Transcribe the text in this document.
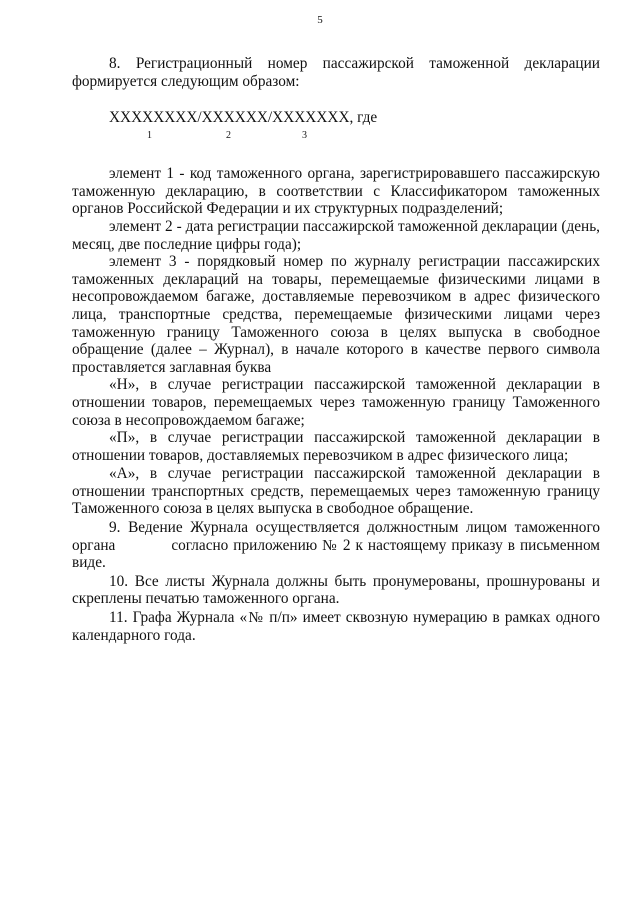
5

8. Регистрационный номер пассажирской таможенной декларации формируется следующим образом:

XXXXXXXX/XXXXXX/XXXXXXX, где

1	2	3

элемент 1 - код таможенного органа, зарегистрировавшего пассажирскую таможенную декларацию, в соответствии с Классификатором таможенных органов Российской Федерации и их структурных подразделений;

элемент 2 - дата регистрации пассажирской таможенной декларации (день, месяц, две последние цифры года);

элемент 3 - порядковый номер по журналу регистрации пассажирских таможенных деклараций на товары, перемещаемые физическими лицами в несопровождаемом багаже, доставляемые перевозчиком в адрес физического лица, транспортные средства, перемещаемые физическими лицами через таможенную границу Таможенного союза в целях выпуска в свободное обращение (далее – Журнал), в начале которого в качестве первого символа проставляется заглавная буква

«Н», в случае регистрации пассажирской таможенной декларации в отношении товаров, перемещаемых через таможенную границу Таможенного союза в несопровождаемом багаже;

«П», в случае регистрации пассажирской таможенной декларации в отношении товаров, доставляемых перевозчиком в адрес физического лица;

«А», в случае регистрации пассажирской таможенной декларации в отношении транспортных средств, перемещаемых через таможенную границу Таможенного союза в целях выпуска в свободное обращение.

9. Ведение Журнала осуществляется должностным лицом таможенного органа	согласно приложению № 2 к настоящему приказу в письменном виде.

10. Все листы Журнала должны быть пронумерованы, прошнурованы и скреплены печатью таможенного органа.

11. Графа Журнала «№ п/п» имеет сквозную нумерацию в рамках одного календарного года.
